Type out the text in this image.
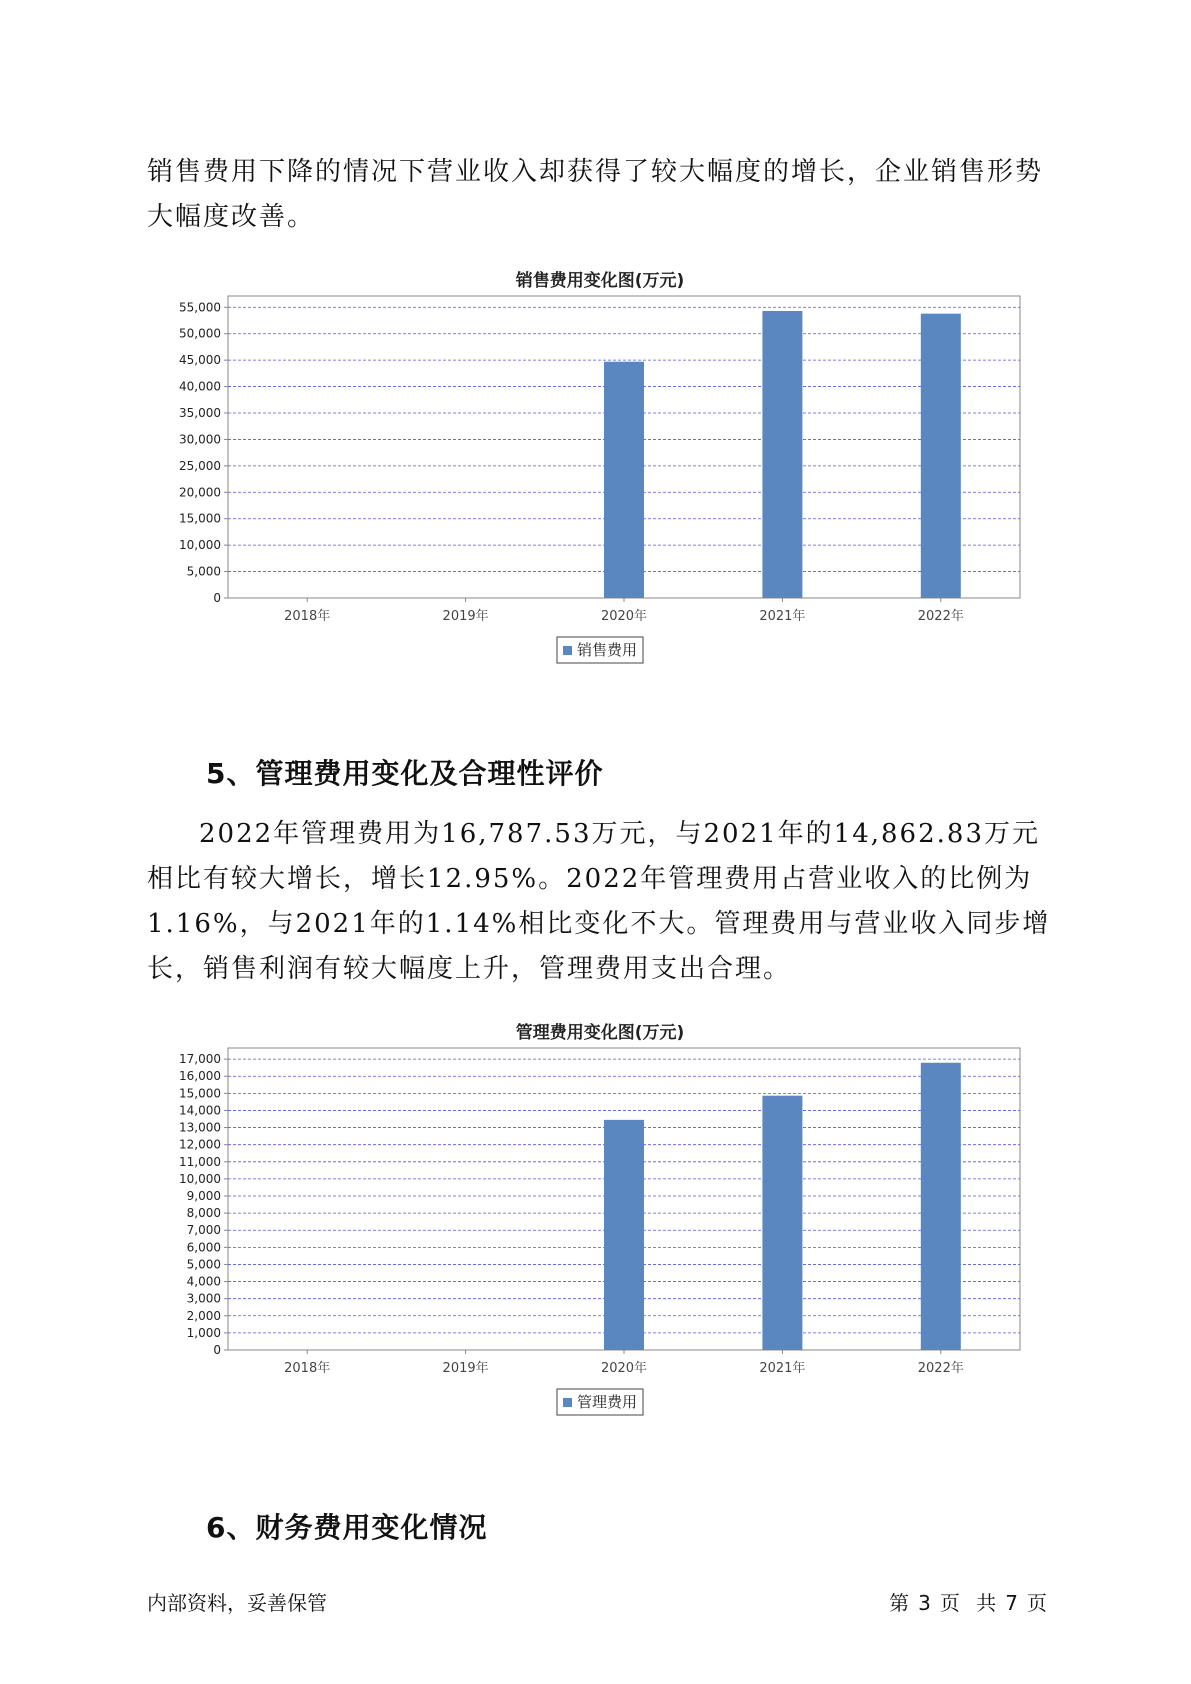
销售费用下降的情况下营业收入却获得了较大幅度的增长，企业销售形势大幅度改善。

销售费用变化图(万元)
0
5,000
10,000
15,000
20,000
25,000
30,000
35,000
40,000
45,000
50,000
55,000
2018年	2019年	2020年	2021年	2022年
销售费用
5、管理费用变化及合理性评价

2022年管理费用为16,787.53万元，与2021年的14,862.83万元相比有较大增长，增长12.95%。2022年管理费用占营业收入的比例为1.16%，与2021年的1.14%相比变化不大。管理费用与营业收入同步增长，销售利润有较大幅度上升，管理费用支出合理。

管理费用变化图(万元)
0
1,000
2,000
3,000
4,000
5,000
6,000
7,000
8,000
9,000
10,000
11,000
12,000
13,000
14,000
15,000
16,000
17,000
2018年	2019年	2020年	2021年	2022年
管理费用
6、财务费用变化情况
内部资料，妥善保管	第 3 页 共 7 页
